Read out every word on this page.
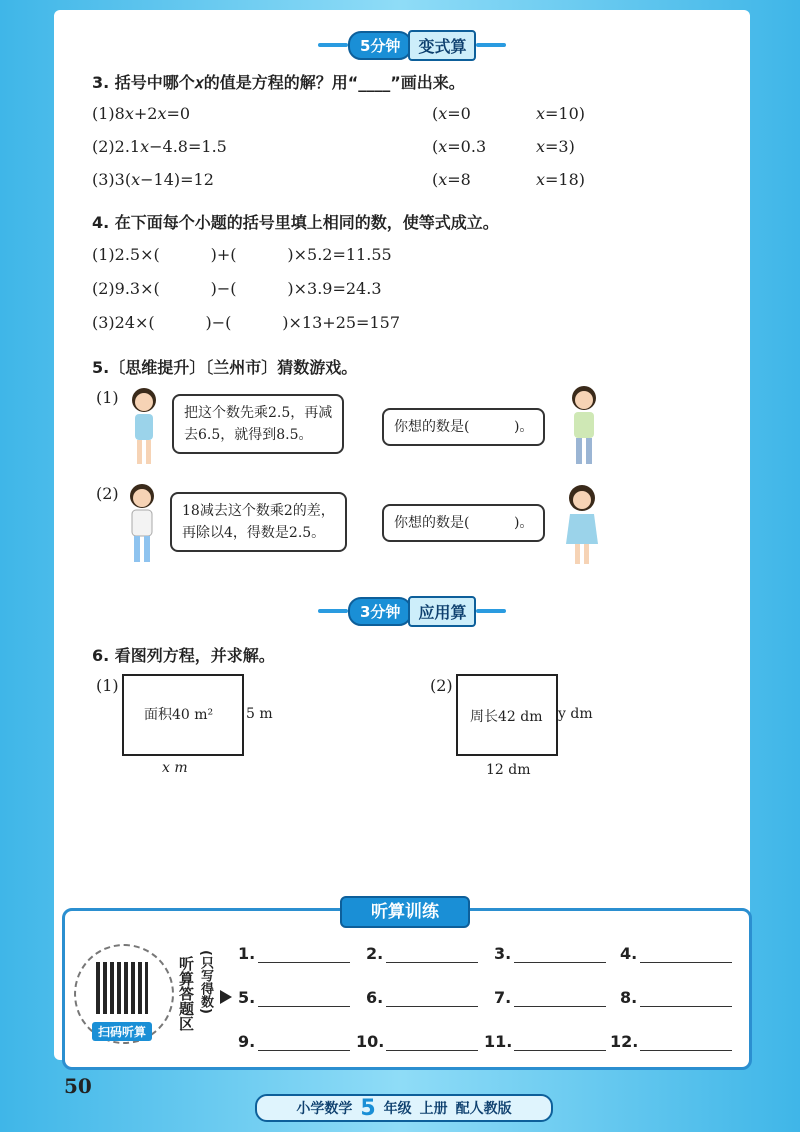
5分钟	变式算
3. 括号中哪个𝑥的值是方程的解？用“____”画出来。
(1)8𝑥+2𝑥=0	(𝑥=0	𝑥=10)
(2)2.1𝑥−4.8=1.5	(𝑥=0.3	𝑥=3)
(3)3(𝑥−14)=12	(𝑥=8	𝑥=18)
4. 在下面每个小题的括号里填上相同的数，使等式成立。
(1)2.5×(          )+(          )×5.2=11.55
(2)9.3×(          )−(          )×3.9=24.3
(3)24×(          )−(          )×13+25=157
5.〔思维提升〕〔兰州市〕猜数游戏。
(1)
把这个数先乘2.5，再减
去6.5，就得到8.5。	你想的数是(          )。
(2)
18减去这个数乘2的差，
再除以4，得数是2.5。
你想的数是(          )。
3分钟	应用算
6. 看图列方程，并求解。
(1)
面积40 m² 5 m
x m
(2)
周长42 dm y dm
12 dm
听算训练
扫码听算
听算答题区 (只写得数) 1.	2.	3.	4.
5.	6.	7.	8.
9.	10.	11.	12.
50
小学数学 5 年级 上册 配人教版
